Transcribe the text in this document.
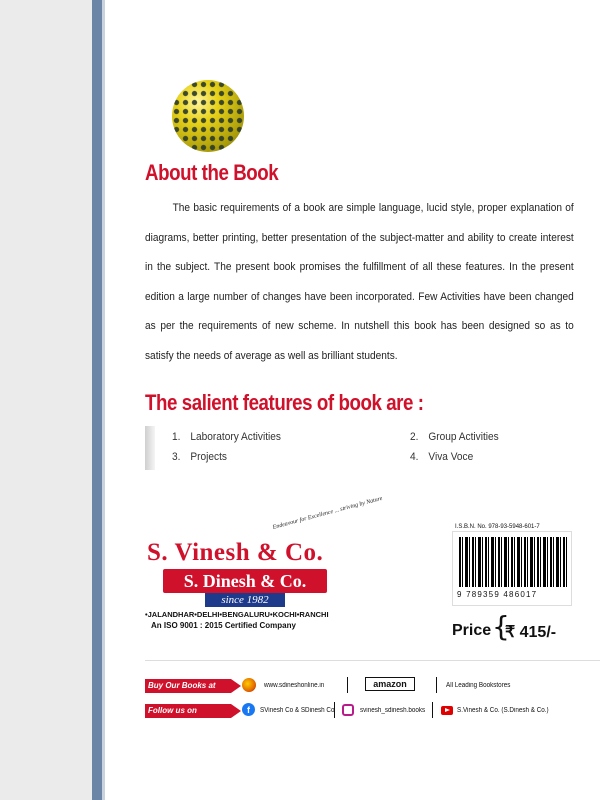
About the Book
The basic requirements of a book are simple language, lucid style, proper explanation of diagrams, better printing, better presentation of the subject-matter and ability to create interest in the subject. The present book promises the fulfillment of all these features. In the present edition a large number of changes have been incorporated. Few Activities have been changed as per the requirements of new scheme. In nutshell this book has been designed so as to satisfy the needs of average as well as brilliant students.
The salient features of book are :
1. Laboratory Activities	2. Group Activities
3. Projects	4. Viva Voce
Endeavour for Excellence ... striving by Nature
S. Vinesh & Co.
S. Dinesh & Co.
since 1982
•JALANDHAR•DELHI•BENGALURU•KOCHI•RANCHI
An ISO 9001 : 2015 Certified Company
I.S.B.N. No. 978-93-5948-601-7
9 789359 486017
Price {
₹ 415/-
Buy Our Books at	www.sdineshonline.in	amazon	All Leading Bookstores
Follow us on	f	SVinesh Co & SDinesh Co	svinesh_sdinesh.books	S.Vinesh & Co. (S.Dinesh & Co.)
